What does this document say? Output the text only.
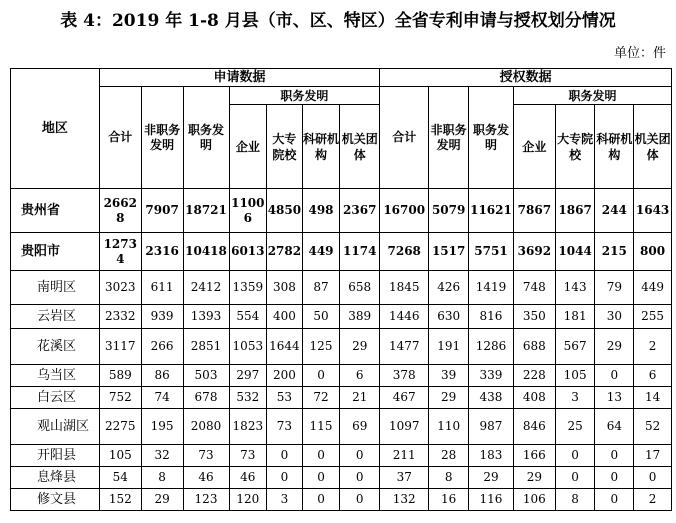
表 4：2019 年 1-8 月县（市、区、特区）全省专利申请与授权划分情况
单位：件
地区	申请数据							授权数据						
	合计	非职务发明	职务发明	职务发明				合计	非职务发明	职务发明	职务发明			
				企业	大专院校	科研机构	机关团体				企业	大专院校	科研机构	机关团体
贵州省	26628	7907	18721	11006	4850	498	2367	16700	5079	11621	7867	1867	244	1643
贵阳市	12734	2316	10418	6013	2782	449	1174	7268	1517	5751	3692	1044	215	800
南明区	3023	611	2412	1359	308	87	658	1845	426	1419	748	143	79	449
云岩区	2332	939	1393	554	400	50	389	1446	630	816	350	181	30	255
花溪区	3117	266	2851	1053	1644	125	29	1477	191	1286	688	567	29	2
乌当区	589	86	503	297	200	0	6	378	39	339	228	105	0	6
白云区	752	74	678	532	53	72	21	467	29	438	408	3	13	14
观山湖区	2275	195	2080	1823	73	115	69	1097	110	987	846	25	64	52
开阳县	105	32	73	73	0	0	0	211	28	183	166	0	0	17
息烽县	54	8	46	46	0	0	0	37	8	29	29	0	0	0
修文县	152	29	123	120	3	0	0	132	16	116	106	8	0	2
